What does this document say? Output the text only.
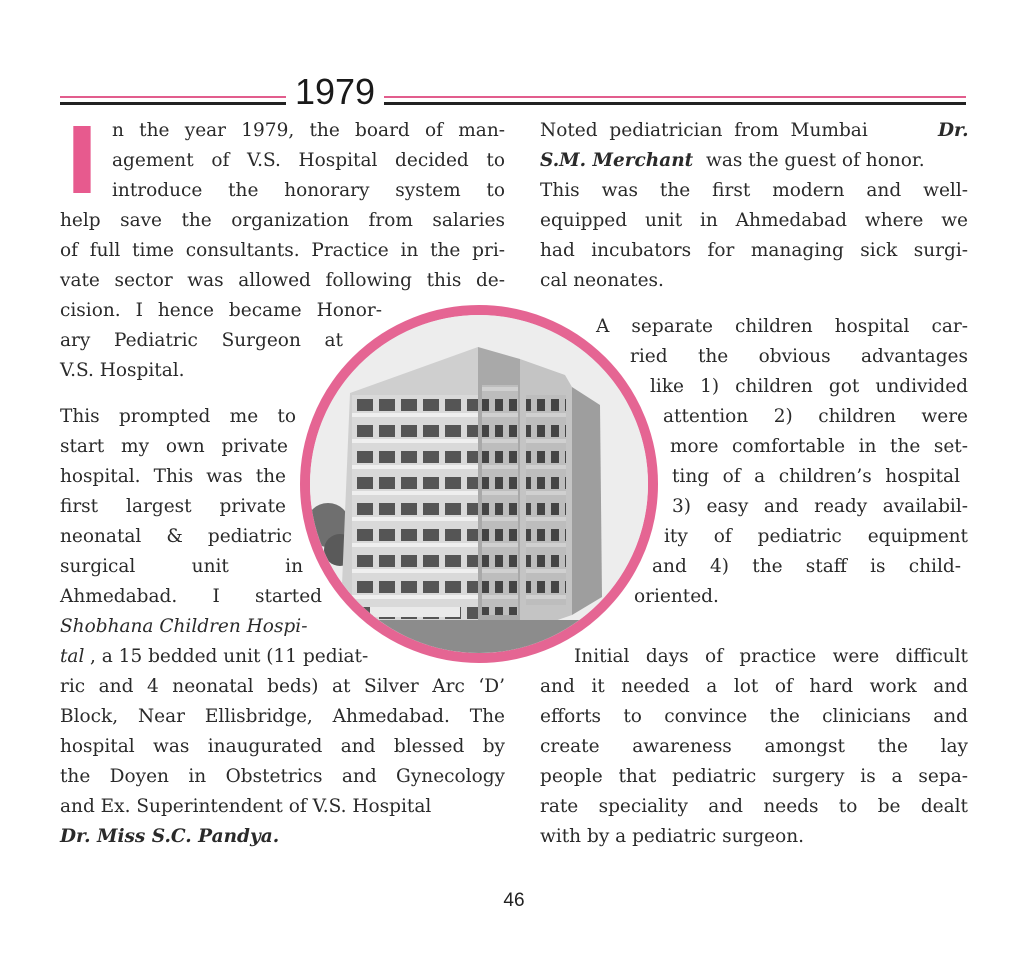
1979
I n the year 1979, the board of man-
agement of V.S. Hospital decided to
introduce the honorary system to
help save the organization from salaries
of full time consultants. Practice in the pri-
vate sector was allowed following this de-
cision. I hence became Honor-
ary Pediatric Surgeon at
V.S. Hospital.
This prompted me to
start my own private
hospital. This was the
first largest private
neonatal & pediatric
surgical unit in
Ahmedabad. I started
Shobhana Children Hospi-
tal , a 15 bedded unit (11 pediat-
ric and 4 neonatal beds) at Silver Arc ‘D’
Block, Near Ellisbridge, Ahmedabad. The
hospital was inaugurated and blessed by
the Doyen in Obstetrics and Gynecology
and Ex. Superintendent of V.S. Hospital
Dr. Miss S.C. Pandya.
Noted pediatrician from Mumbai	Dr.
S.M. Merchant was the guest of honor.
This was the first modern and well-
equipped unit in Ahmedabad where we
had incubators for managing sick surgi-
cal neonates.
A separate children hospital car-
ried the obvious advantages
like 1) children got undivided
attention 2) children were
more comfortable in the set-
ting of a children’s hospital
3) easy and ready availabil-
ity of pediatric equipment
and 4) the staff is child-
oriented.
Initial days of practice were difficult
and it needed a lot of hard work and
efforts to convince the clinicians and
create awareness amongst the lay
people that pediatric surgery is a sepa-
rate speciality and needs to be dealt
with by a pediatric surgeon.
46
